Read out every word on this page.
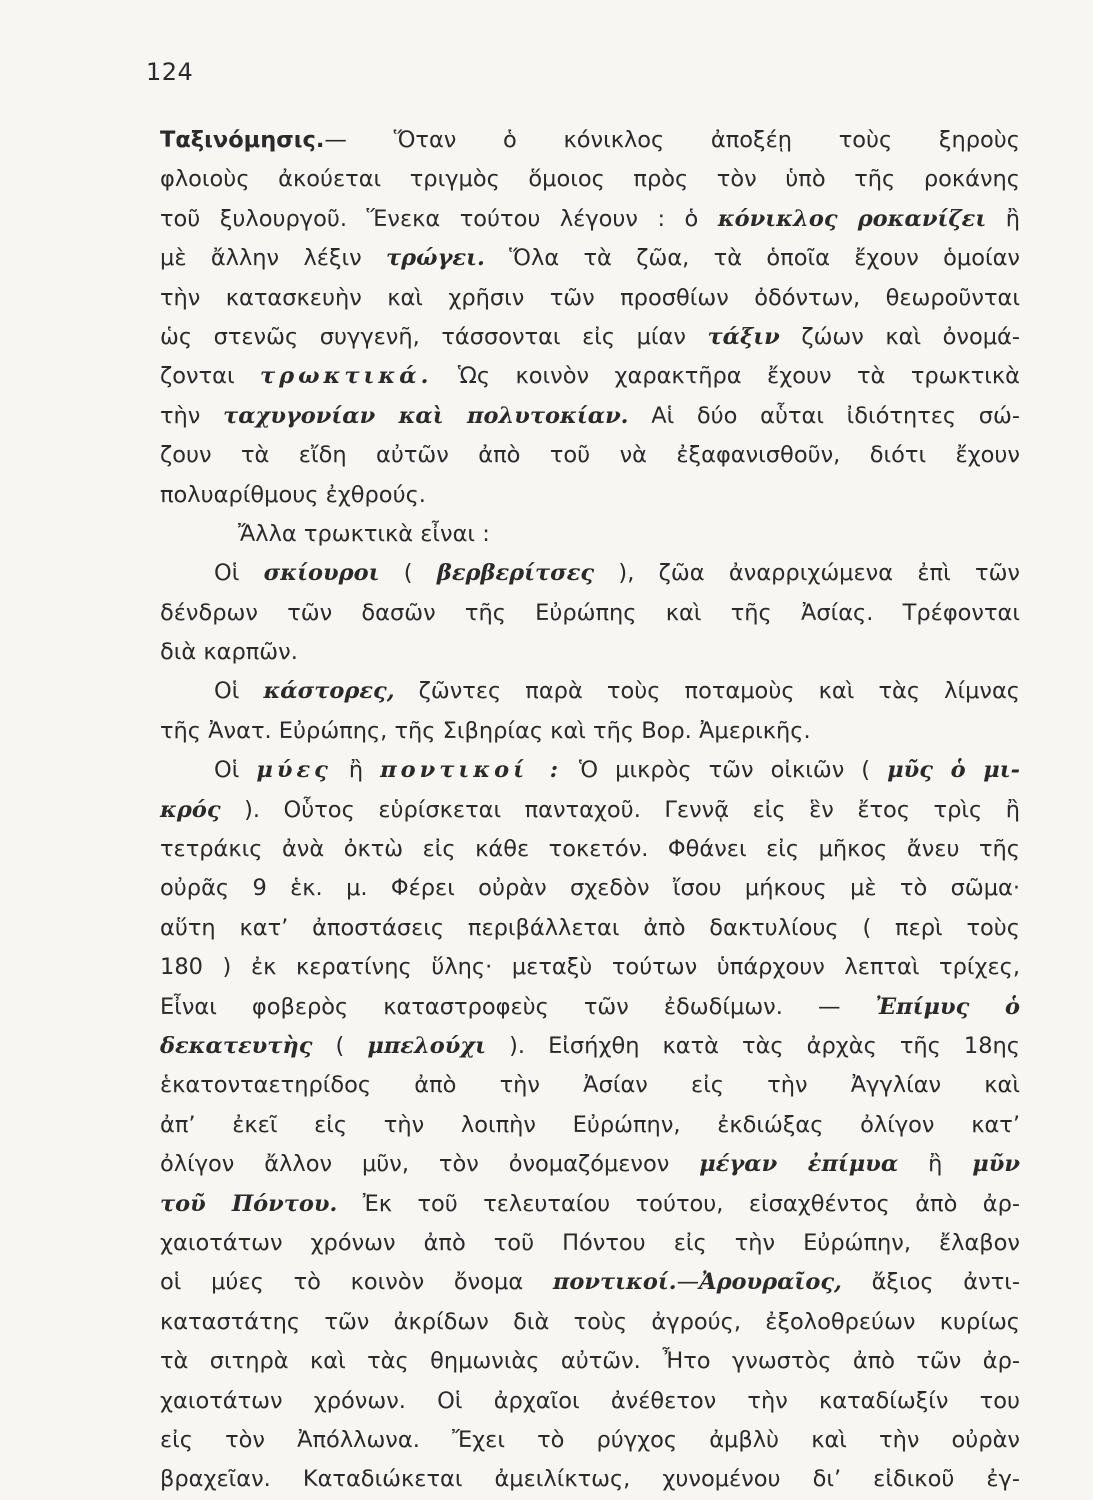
124
Ταξινόμησις.— Ὅταν ὁ κόνικλος ἀποξέῃ τοὺς ξηροὺς
φλοιοὺς ἀκούεται τριγμὸς ὅμοιος πρὸς τὸν ὑπὸ τῆς ροκάνης
τοῦ ξυλουργοῦ. Ἕνεκα τούτου λέγουν : ὁ κόνικλος ροκανίζει ἢ
μὲ ἄλλην λέξιν τρώγει. Ὅλα τὰ ζῶα, τὰ ὁποῖα ἔχουν ὁμοίαν
τὴν κατασκευὴν καὶ χρῆσιν τῶν προσθίων ὀδόντων, θεωροῦνται
ὡς στενῶς συγγενῆ, τάσσονται εἰς μίαν τάξιν ζώων καὶ ὀνομά-
ζονται τρωκτικά. Ὡς κοινὸν χαρακτῆρα ἔχουν τὰ τρωκτικὰ
τὴν ταχυγονίαν καὶ πολυτοκίαν. Αἱ δύο αὗται ἰδιότητες σώ-
ζουν τὰ εἴδη αὐτῶν ἀπὸ τοῦ νὰ ἐξαφανισθοῦν, διότι ἔχουν
πολυαρίθμους ἐχθρούς.
Ἄλλα τρωκτικὰ εἶναι :
Οἱ σκίουροι ( βερβερίτσες ), ζῶα ἀναρριχώμενα ἐπὶ τῶν
δένδρων τῶν δασῶν τῆς Εὐρώπης καὶ τῆς Ἀσίας. Τρέφονται
διὰ καρπῶν.
Οἱ κάστορες, ζῶντες παρὰ τοὺς ποταμοὺς καὶ τὰς λίμνας
τῆς Ἀνατ. Εὐρώπης, τῆς Σιβηρίας καὶ τῆς Βορ. Ἀμερικῆς.
Οἱ μύες ἢ ποντικοί : Ὁ μικρὸς τῶν οἰκιῶν ( μῦς ὁ μι-
κρός ). Οὗτος εὑρίσκεται πανταχοῦ. Γεννᾷ εἰς ἓν ἔτος τρὶς ἢ
τετράκις ἀνὰ ὀκτὼ εἰς κάθε τοκετόν. Φθάνει εἰς μῆκος ἄνευ τῆς
οὐρᾶς 9 ἑκ. μ. Φέρει οὐρὰν σχεδὸν ἴσου μήκους μὲ τὸ σῶμα·
αὕτη κατ’ ἀποστάσεις περιβάλλεται ἀπὸ δακτυλίους ( περὶ τοὺς
180 ) ἐκ κερατίνης ὕλης· μεταξὺ τούτων ὑπάρχουν λεπταὶ τρίχες,
Εἶναι φοβερὸς καταστροφεὺς τῶν ἐδωδίμων. — Ἐπίμυς ὁ
δεκατευτὴς ( μπελούχι ). Εἰσήχθη κατὰ τὰς ἀρχὰς τῆς 18ης
ἑκατονταετηρίδος ἀπὸ τὴν Ἀσίαν εἰς τὴν Ἀγγλίαν καὶ
ἀπ’ ἐκεῖ εἰς τὴν λοιπὴν Εὐρώπην, ἐκδιώξας ὀλίγον κατ’
ὀλίγον ἄλλον μῦν, τὸν ὀνομαζόμενον μέγαν ἐπίμυα ἢ μῦν
τοῦ Πόντου. Ἐκ τοῦ τελευταίου τούτου, εἰσαχθέντος ἀπὸ ἀρ-
χαιοτάτων χρόνων ἀπὸ τοῦ Πόντου εἰς τὴν Εὐρώπην, ἔλαβον
οἱ μύες τὸ κοινὸν ὄνομα ποντικοί.—Ἀρουραῖος, ἄξιος ἀντι-
καταστάτης τῶν ἀκρίδων διὰ τοὺς ἀγρούς, ἐξολοθρεύων κυρίως
τὰ σιτηρὰ καὶ τὰς θημωνιὰς αὐτῶν. Ἦτο γνωστὸς ἀπὸ τῶν ἀρ-
χαιοτάτων χρόνων. Οἱ ἀρχαῖοι ἀνέθετον τὴν καταδίωξίν του
εἰς τὸν Ἀπόλλωνα. Ἔχει τὸ ρύγχος ἀμβλὺ καὶ τὴν οὐρὰν
βραχεῖαν. Καταδιώκεται ἀμειλίκτως, χυνομένου δι’ εἰδικοῦ ἐγ-
